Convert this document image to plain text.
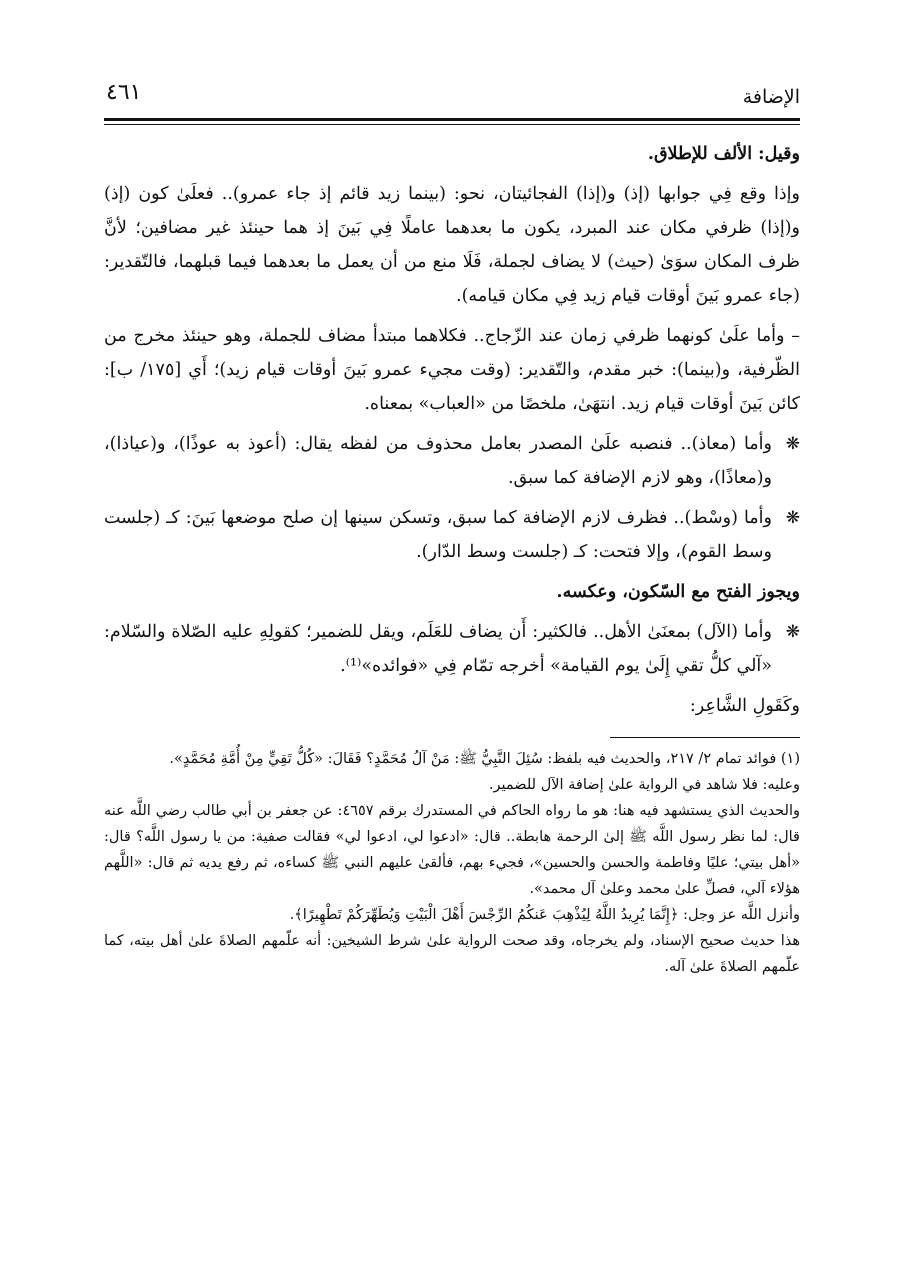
الإضافة
٤٦١

وقيل: الألف للإطلاق.

وإذا وقع فِي جوابها (إذ) و(إذا) الفجائيتان، نحو: (بينما زيد قائم إذ جاء عمرو).. فعلَىٰ كون (إذ) و(إذا) ظرفي مكان عند المبرد، يكون ما بعدهما عاملًا فِي بَينَ إذ هما حينئذ غير مضافين؛ لأنَّ ظرف المكان سوَىٰ (حيث) لا يضاف لجملة، فَلَا منع من أن يعمل ما بعدهما فيما قبلهما، فالتّقدير: (جاء عمرو بَينَ أوقات قيام زيد فِي مكان قيامه).

– وأما علَىٰ كونهما ظرفي زمان عند الزّجاج.. فكلاهما مبتدأ مضاف للجملة، وهو حينئذ مخرج من الظّرفية، و(بينما): خبر مقدم، والتّقدير: (وقت مجيء عمرو بَينَ أوقات قيام زيد)؛ أَي [١٧٥/ ب]: كائن بَينَ أوقات قيام زيد. انتهَىٰ، ملخصًا من «العباب» بمعناه.

❋
وأما (معاذ).. فنصبه علَىٰ المصدر بعامل محذوف من لفظه يقال: (أعوذ به عوذًا)، و(عياذا)، و(معاذًا)، وهو لازم الإضافة كما سبق.

❋
وأما (وسْط).. فظرف لازم الإضافة كما سبق، وتسكن سينها إن صلح موضعها بَينَ: كـ (جلست وسط القوم)، وإلا فتحت: كـ (جلست وسط الدّار).

ويجوز الفتح مع السّكون، وعكسه.

❋
وأما (الآل) بمعنَىٰ الأهل.. فالكثير: أَن يضاف للعَلَم، ويقل للضمير؛ كقولِهِ عليه الصّلاة والسّلام: «آلي كلُّ تقي إِلَىٰ يوم القيامة» أخرجه تمّام فِي «فوائده»⁽¹⁾.

وكَقَولِ الشَّاعِر:

(١) فوائد تمام ٢/ ٢١٧، والحديث فيه بلفظ: سُئِلَ النَّبِيُّ ﷺ: مَنْ آلُ مُحَمَّدٍ؟ فَقَالَ: «كُلُّ تَقِيٍّ مِنْ أُمَّةِ مُحَمَّدٍ».

وعليه: فلا شاهد في الرواية علىٰ إضافة الآل للضمير.

والحديث الذي يستشهد فيه هنا: هو ما رواه الحاكم في المستدرك برقم ٤٦٥٧: عن جعفر بن أبي طالب رضي اللَّه عنه قال: لما نظر رسول اللَّه ﷺ إلىٰ الرحمة هابطة.. قال: «ادعوا لي، ادعوا لي» فقالت صفية: من يا رسول اللَّه؟ قال: «أهل بيتي؛ عليًا وفاطمة والحسن والحسين»، فجيء بهم، فألقىٰ عليهم النبي ﷺ كساءه، ثم رفع يديه ثم قال: «اللَّهم هؤلاء آلي، فصلِّ علىٰ محمد وعلىٰ آل محمد».

وأنزل اللَّه عز وجل: ﴿إِنَّمَا يُرِيدُ اللَّهُ لِيُذْهِبَ عَنكُمُ الرِّجْسَ أَهْلَ الْبَيْتِ وَيُطَهِّرَكُمْ تَطْهِيرًا﴾.

هذا حديث صحيح الإسناد، ولم يخرجاه، وقد صحت الرواية علىٰ شرط الشيخين: أنه علّمهم الصلاةَ علىٰ أهل بيته، كما علّمهم الصلاةَ علىٰ آله.
